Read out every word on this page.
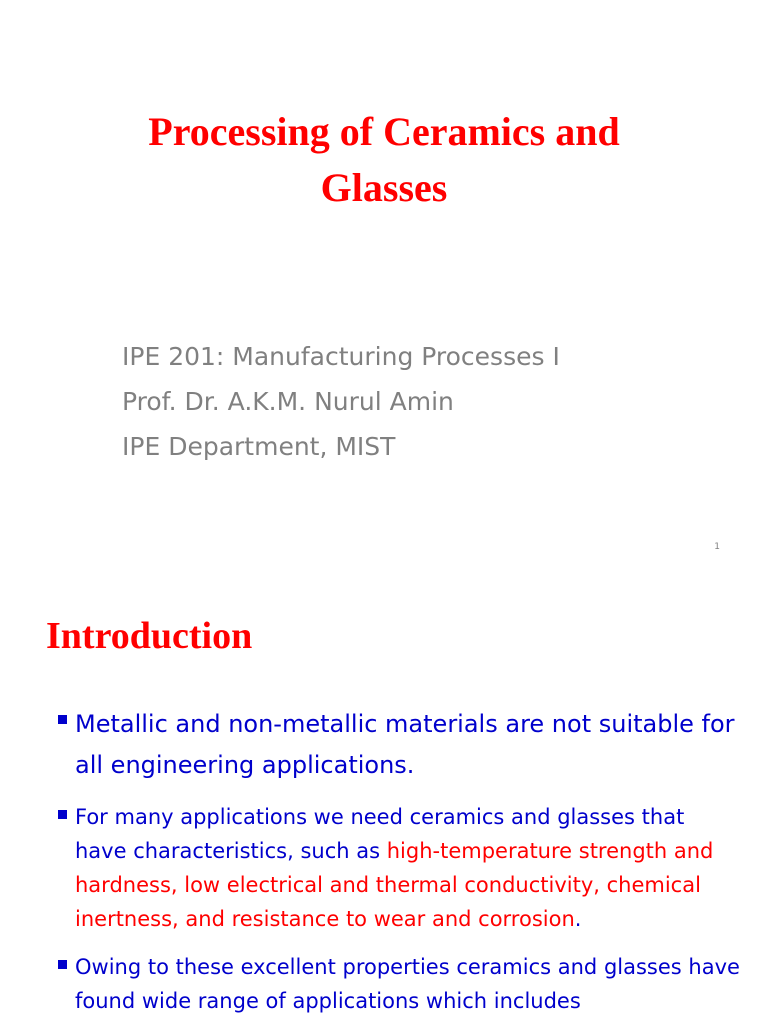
Processing of Ceramics and
Glasses
IPE 201: Manufacturing Processes I
Prof. Dr. A.K.M. Nurul Amin
IPE Department, MIST
1
Introduction
Metallic and non-metallic materials are not suitable for all engineering applications.
For many applications we need ceramics and glasses that have characteristics, such as high-temperature strength and hardness, low electrical and thermal conductivity, chemical inertness, and resistance to wear and corrosion.
Owing to these excellent properties ceramics and glasses have found wide range of applications which includes
